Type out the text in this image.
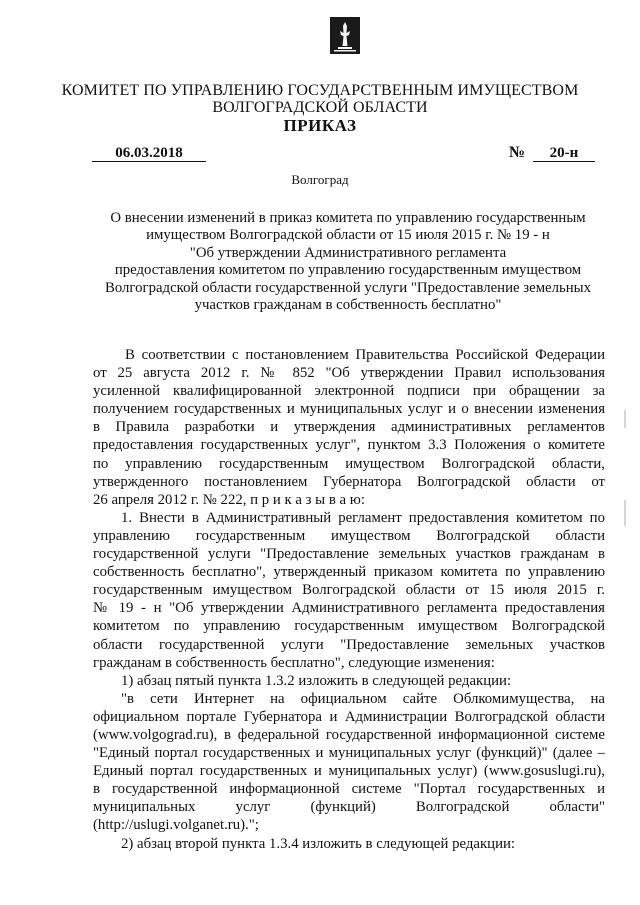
КОМИТЕТ ПО УПРАВЛЕНИЮ ГОСУДАРСТВЕННЫМ ИМУЩЕСТВОМ
ВОЛГОГРАДСКОЙ ОБЛАСТИ
ПРИКАЗ
06.03.2018	№	20-н
Волгоград
О внесении изменений в приказ комитета по управлению государственным
имуществом Волгоградской области от 15 июля 2015 г. № 19 - н
"Об утверждении Административного регламента
предоставления комитетом по управлению государственным имуществом
Волгоградской области государственной услуги "Предоставление земельных
участков гражданам в собственность бесплатно"
В соответствии с постановлением Правительства Российской Федерации
от 25 августа 2012 г. № 852 "Об утверждении Правил использования
усиленной квалифицированной электронной подписи при обращении за
получением государственных и муниципальных услуг и о внесении изменения
в Правила разработки и утверждения административных регламентов
предоставления государственных услуг", пунктом 3.3 Положения о комитете
по управлению государственным имуществом Волгоградской области,
утвержденного постановлением Губернатора Волгоградской области от
26 апреля 2012 г. № 222, п р и к а з ы в а ю:
1. Внести в Административный регламент предоставления комитетом по
управлению государственным имуществом Волгоградской области
государственной услуги "Предоставление земельных участков гражданам в
собственность бесплатно", утвержденный приказом комитета по управлению
государственным имуществом Волгоградской области от 15 июля 2015 г.
№ 19 - н "Об утверждении Административного регламента предоставления
комитетом по управлению государственным имуществом Волгоградской
области государственной услуги "Предоставление земельных участков
гражданам в собственность бесплатно", следующие изменения:
1) абзац пятый пункта 1.3.2 изложить в следующей редакции:
"в сети Интернет на официальном сайте Облкомимущества, на
официальном портале Губернатора и Администрации Волгоградской области
(www.volgograd.ru), в федеральной государственной информационной системе
"Единый портал государственных и муниципальных услуг (функций)" (далее –
Единый портал государственных и муниципальных услуг) (www.gosuslugi.ru),
в государственной информационной системе "Портал государственных и
муниципальных услуг (функций) Волгоградской области"
(http://uslugi.volganet.ru).";
2) абзац второй пункта 1.3.4 изложить в следующей редакции:
